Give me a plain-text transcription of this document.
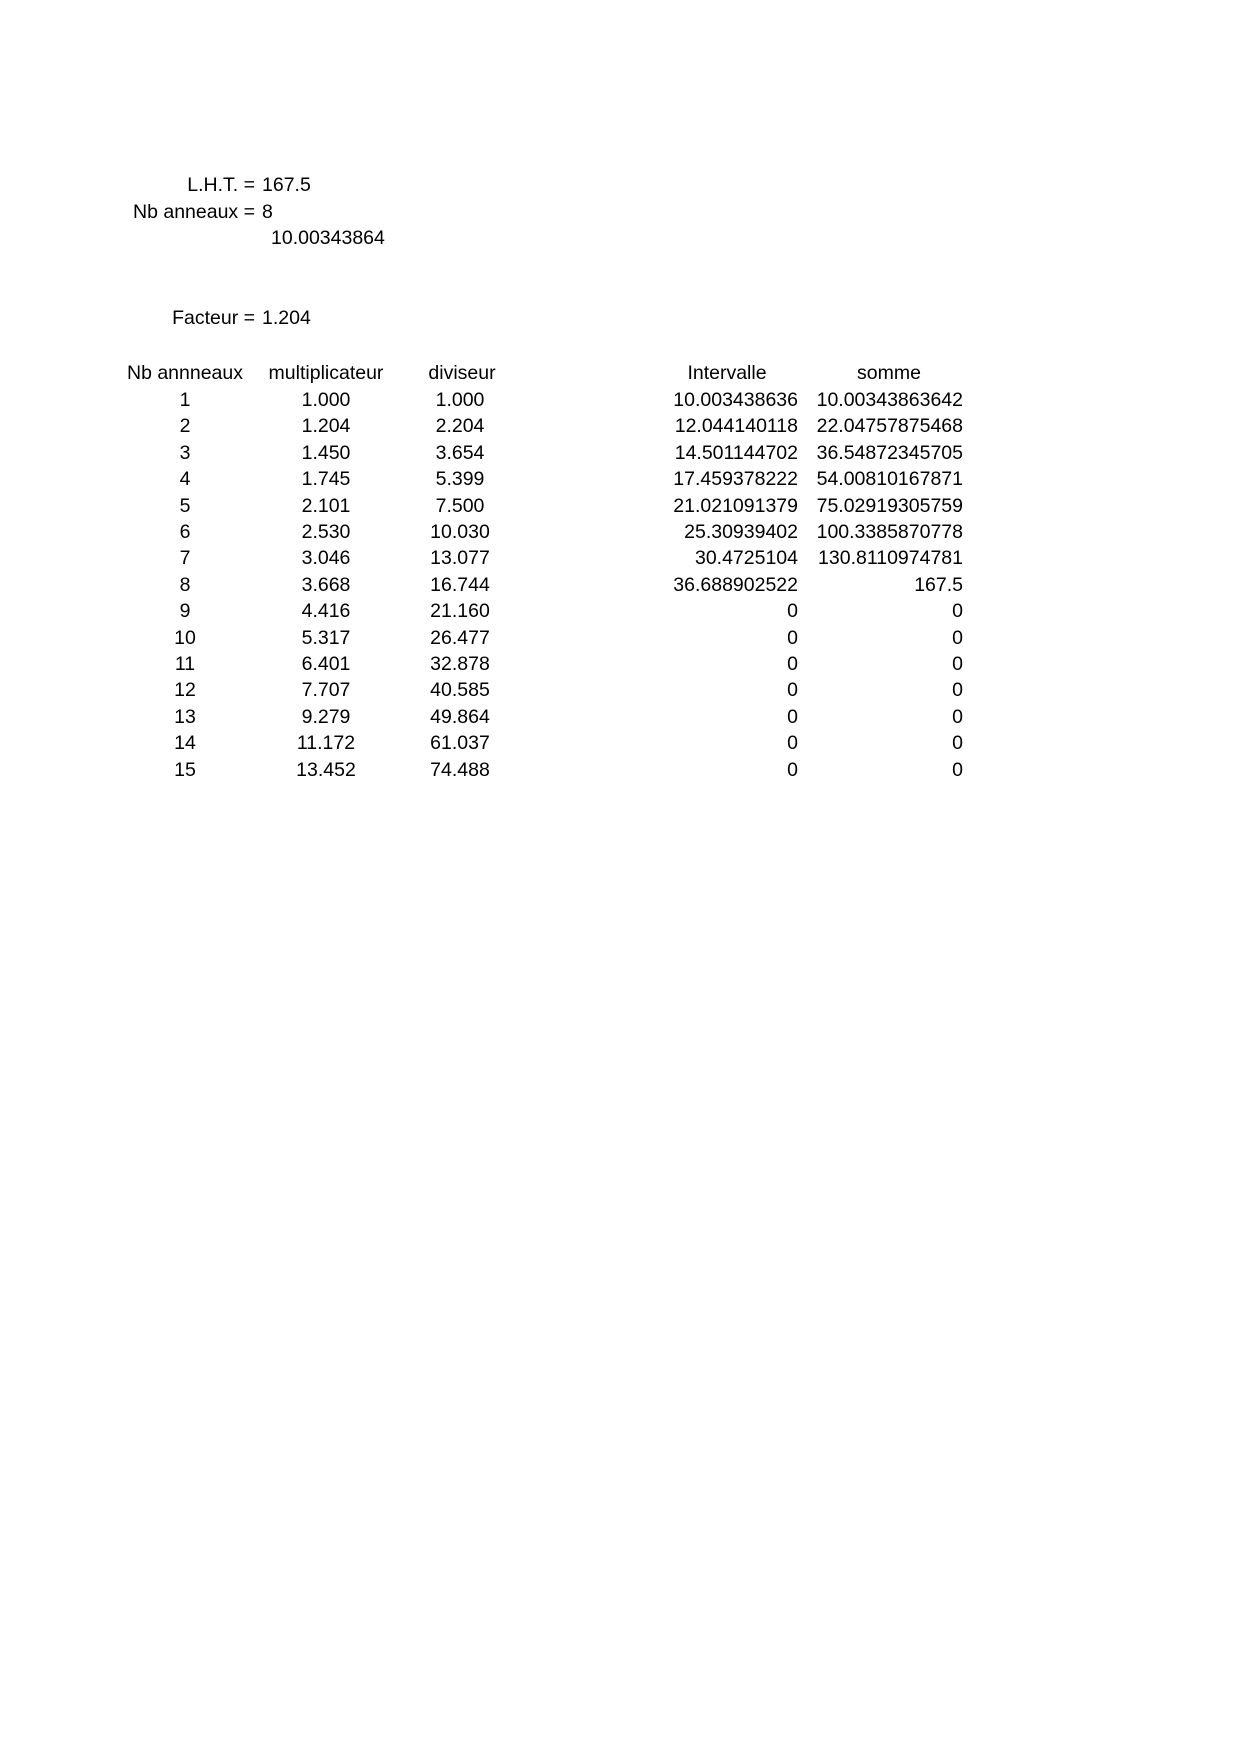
L.H.T. = 167.5
Nb anneaux = 8
10.00343864
Facteur = 1.204
Nb annneaux	multiplicateur	diviseur	Intervalle	somme
1	1.000	1.000	10.003438636 10.00343863642
2	1.204	2.204	12.044140118 22.04757875468
3	1.450	3.654	14.501144702 36.54872345705
4	1.745	5.399	17.459378222 54.00810167871
5	2.101	7.500	21.021091379 75.02919305759
6	2.530	10.030	25.30939402 100.3385870778
7	3.046	13.077	30.4725104	130.8110974781
8	3.668	16.744	36.688902522	167.5
9	4.416	21.160	0	0
10	5.317	26.477	0	0
11	6.401	32.878	0	0
12	7.707	40.585	0	0
13	9.279	49.864	0	0
14	11.172	61.037	0	0
15	13.452	74.488	0	0
